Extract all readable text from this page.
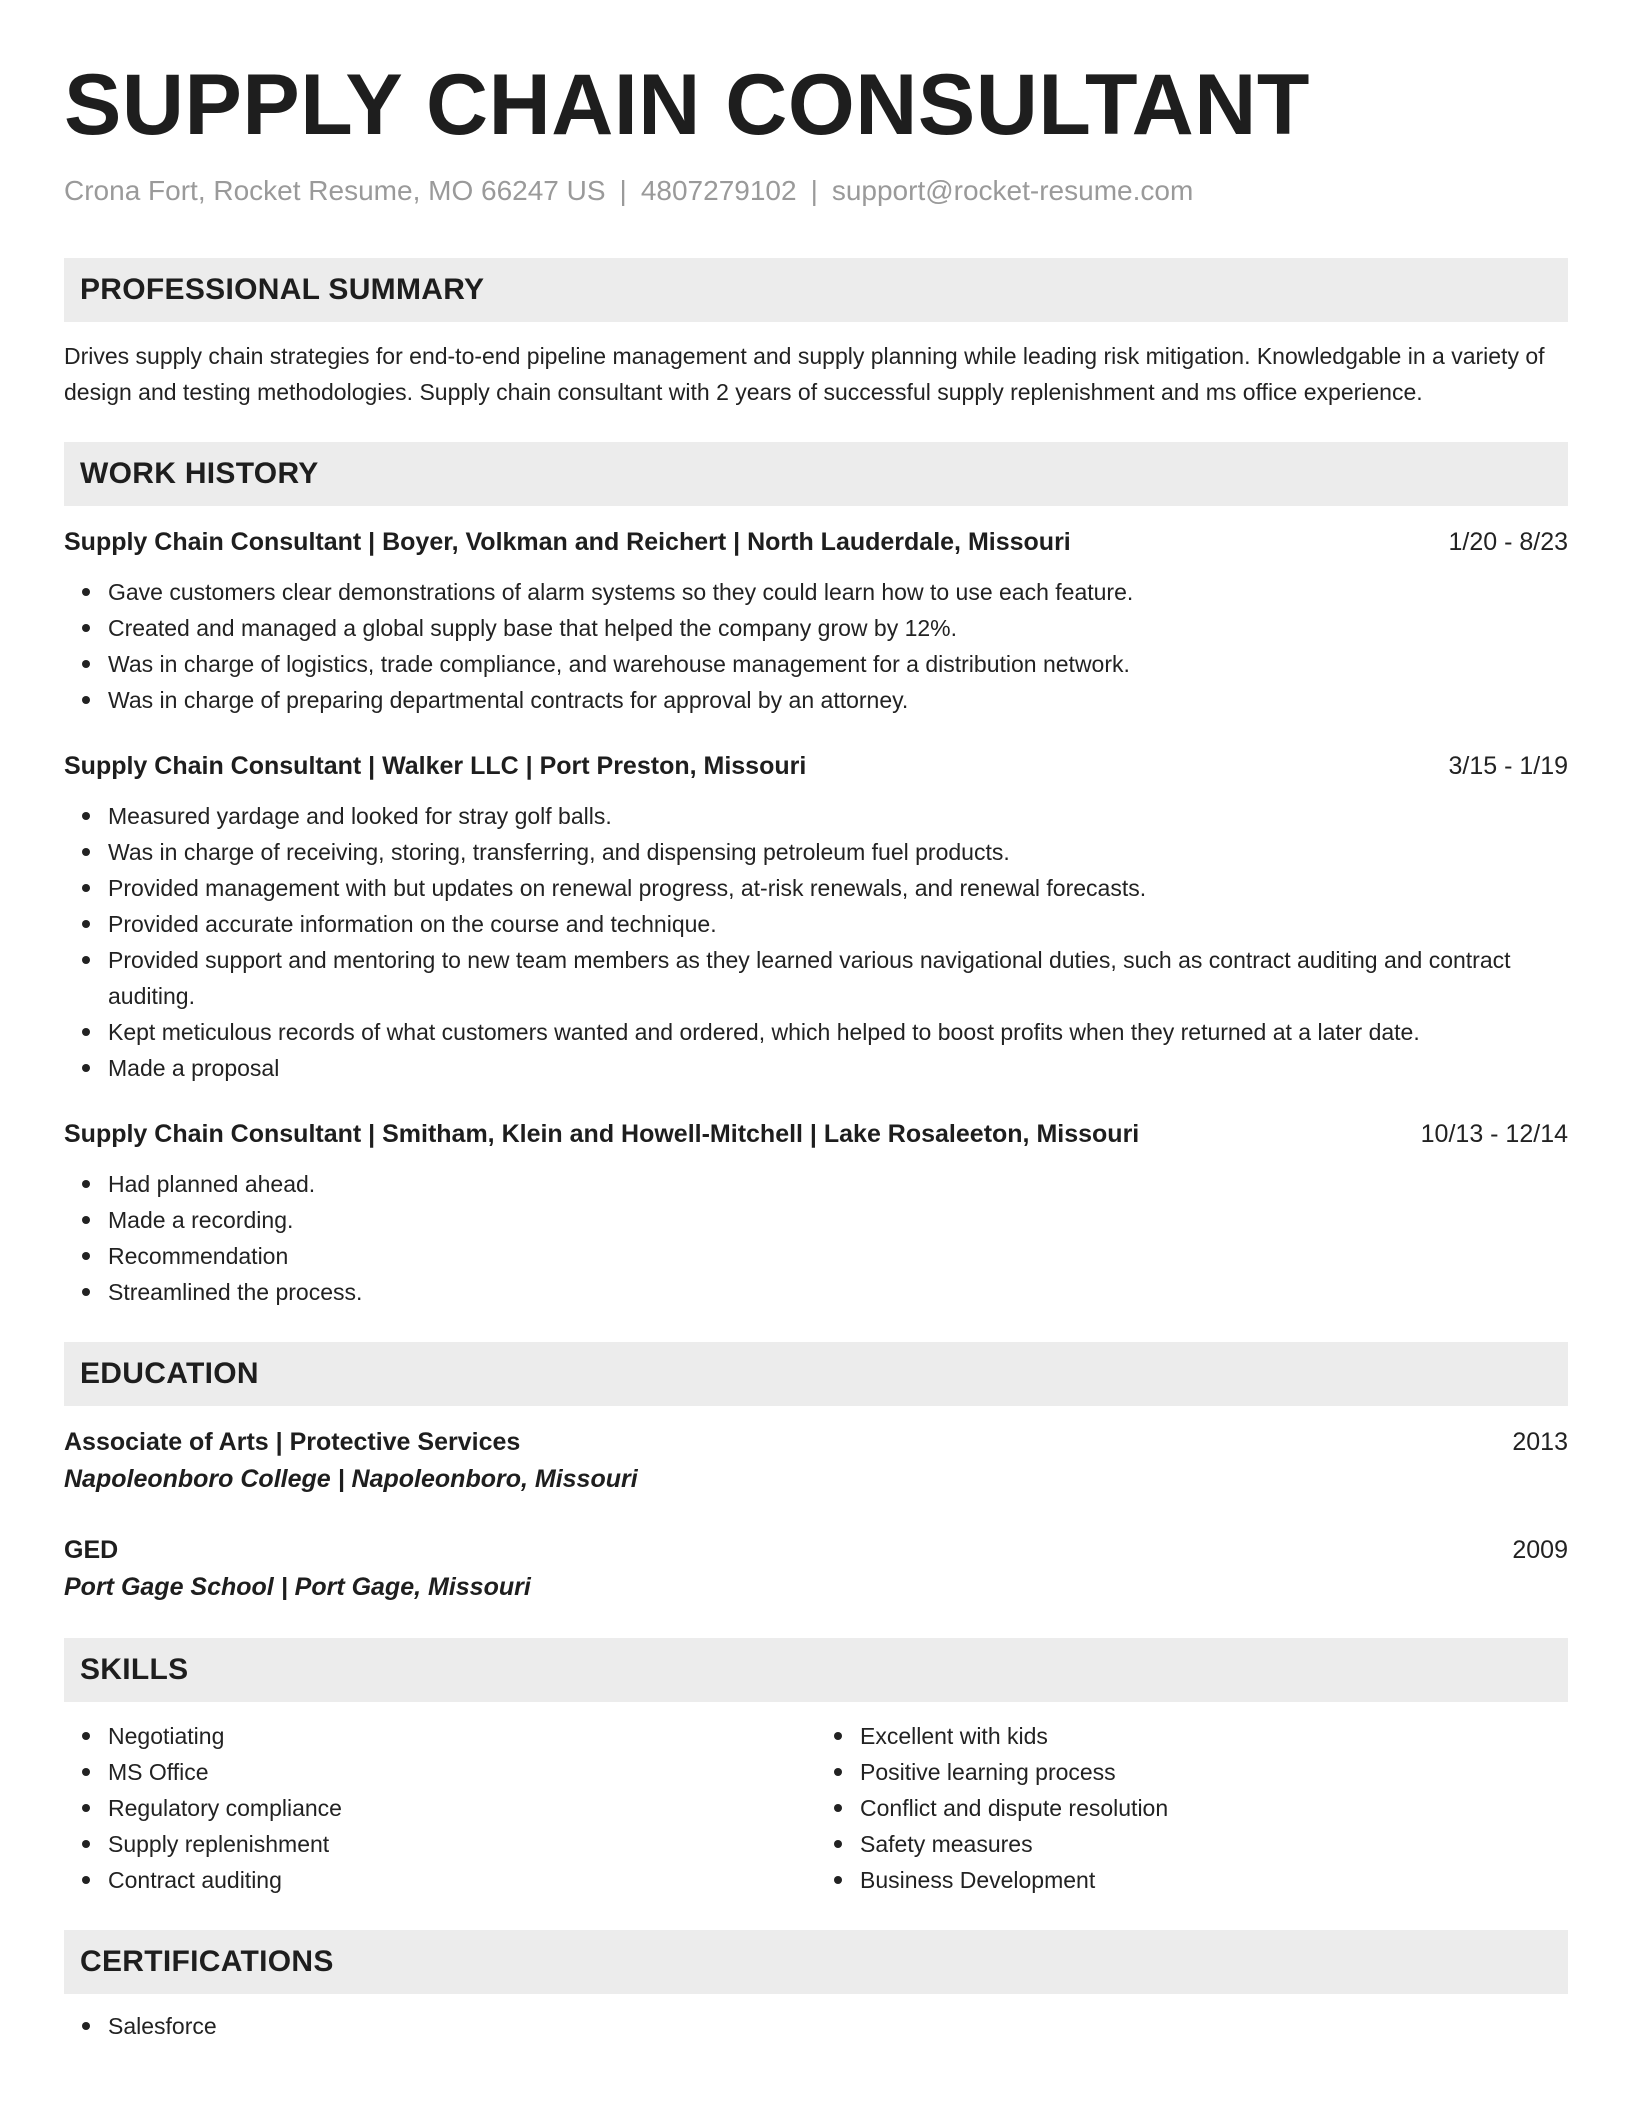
SUPPLY CHAIN CONSULTANT
Crona Fort, Rocket Resume, MO 66247 US | 4807279102 | support@rocket-resume.com
PROFESSIONAL SUMMARY
Drives supply chain strategies for end-to-end pipeline management and supply planning while leading risk mitigation. Knowledgable in a variety of design and testing methodologies. Supply chain consultant with 2 years of successful supply replenishment and ms office experience.
WORK HISTORY
Supply Chain Consultant | Boyer, Volkman and Reichert | North Lauderdale, Missouri	1/20 - 8/23
Gave customers clear demonstrations of alarm systems so they could learn how to use each feature.
Created and managed a global supply base that helped the company grow by 12%.
Was in charge of logistics, trade compliance, and warehouse management for a distribution network.
Was in charge of preparing departmental contracts for approval by an attorney.
Supply Chain Consultant | Walker LLC | Port Preston, Missouri	3/15 - 1/19
Measured yardage and looked for stray golf balls.
Was in charge of receiving, storing, transferring, and dispensing petroleum fuel products.
Provided management with but updates on renewal progress, at-risk renewals, and renewal forecasts.
Provided accurate information on the course and technique.
Provided support and mentoring to new team members as they learned various navigational duties, such as contract auditing and contract auditing.
Kept meticulous records of what customers wanted and ordered, which helped to boost profits when they returned at a later date.
Made a proposal
Supply Chain Consultant | Smitham, Klein and Howell-Mitchell | Lake Rosaleeton, Missouri	10/13 - 12/14
Had planned ahead.
Made a recording.
Recommendation
Streamlined the process.
EDUCATION
Associate of Arts | Protective Services	2013
Napoleonboro College | Napoleonboro, Missouri
GED	2009
Port Gage School | Port Gage, Missouri
SKILLS
Negotiating
MS Office
Regulatory compliance
Supply replenishment
Contract auditing
Excellent with kids
Positive learning process
Conflict and dispute resolution
Safety measures
Business Development
CERTIFICATIONS
Salesforce
